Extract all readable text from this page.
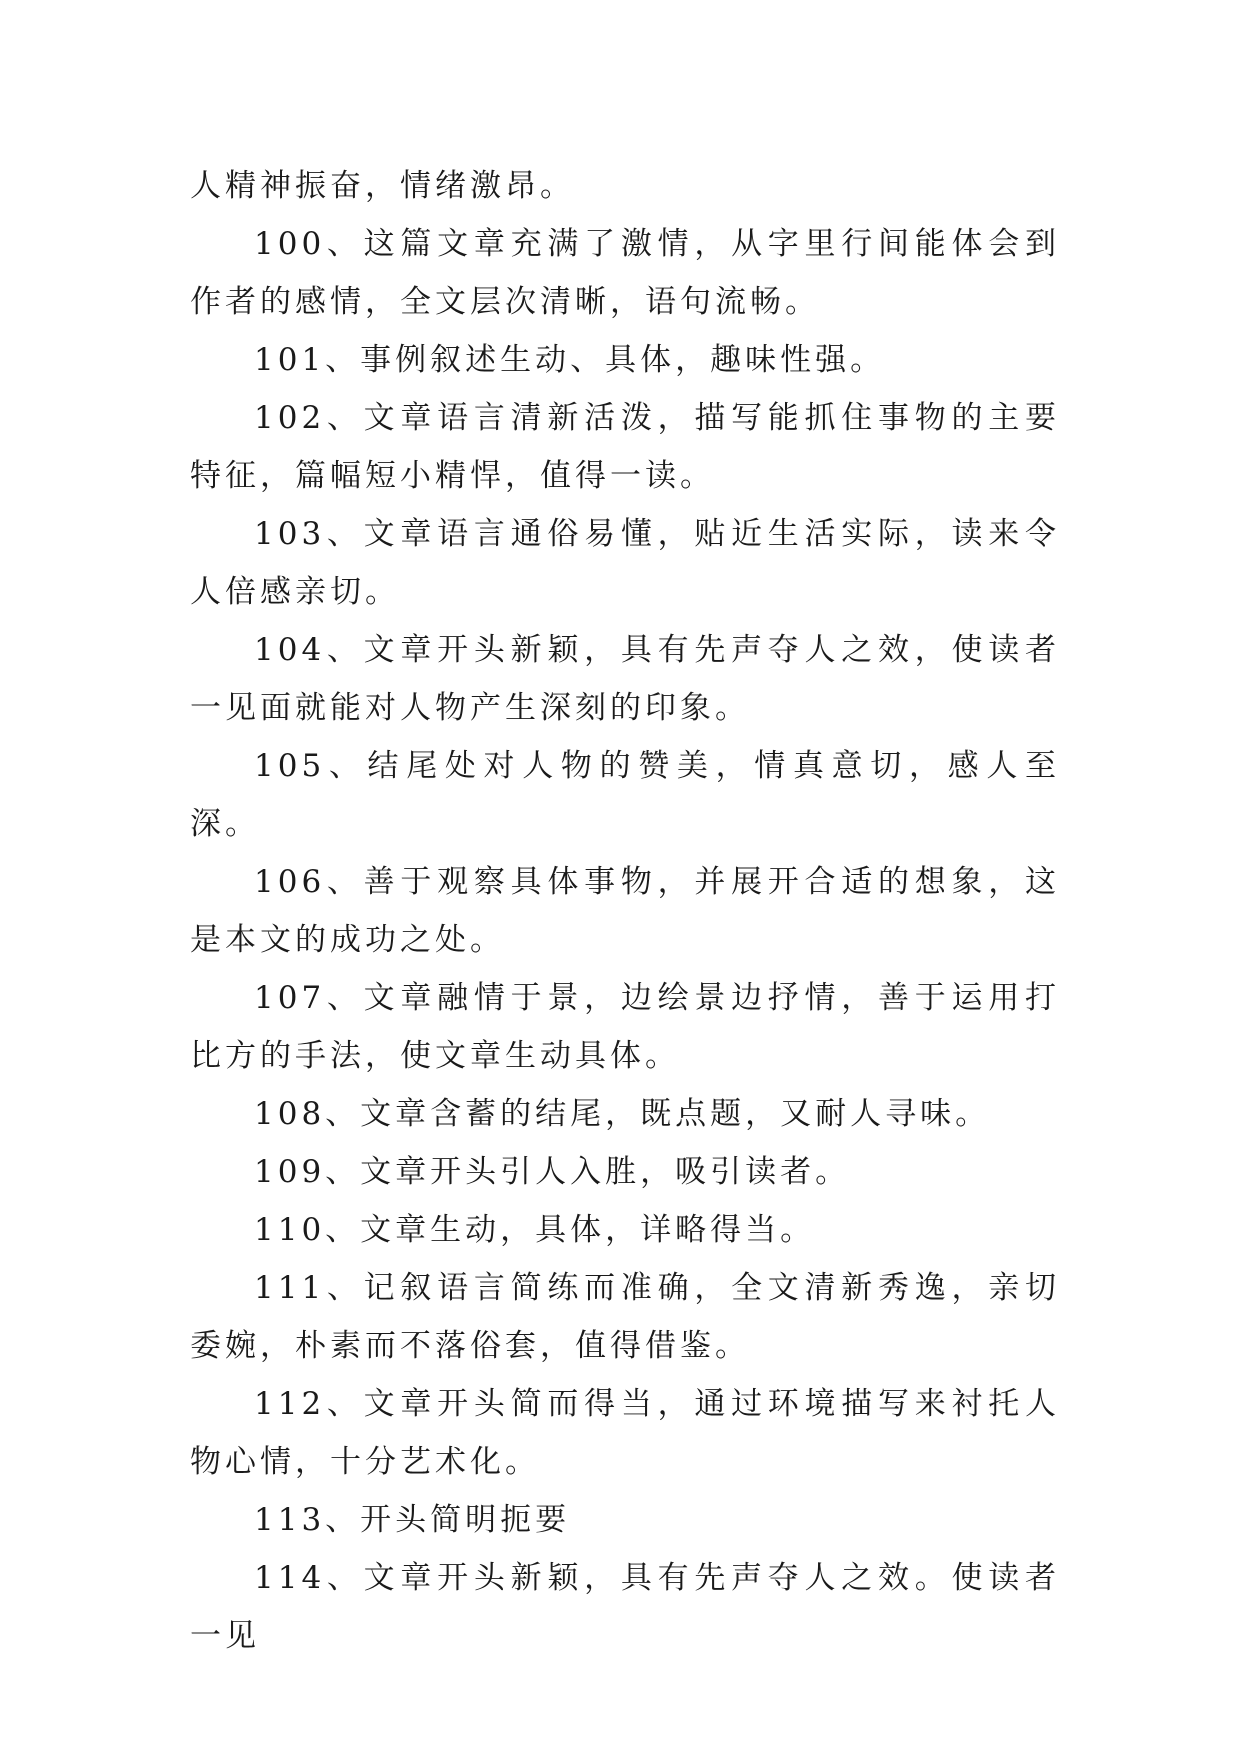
人精神振奋，情绪激昂。

100、这篇文章充满了激情，从字里行间能体会到作者的感情，全文层次清晰，语句流畅。

101、事例叙述生动、具体，趣味性强。

102、文章语言清新活泼，描写能抓住事物的主要特征，篇幅短小精悍，值得一读。

103、文章语言通俗易懂，贴近生活实际，读来令人倍感亲切。

104、文章开头新颖，具有先声夺人之效，使读者一见面就能对人物产生深刻的印象。

105、结尾处对人物的赞美，情真意切，感人至深。

106、善于观察具体事物，并展开合适的想象，这是本文的成功之处。

107、文章融情于景，边绘景边抒情，善于运用打比方的手法，使文章生动具体。

108、文章含蓄的结尾，既点题，又耐人寻味。

109、文章开头引人入胜，吸引读者。

110、文章生动，具体，详略得当。

111、记叙语言简练而准确，全文清新秀逸，亲切委婉，朴素而不落俗套，值得借鉴。

112、文章开头简而得当，通过环境描写来衬托人物心情，十分艺术化。

113、开头简明扼要

114、文章开头新颖，具有先声夺人之效。使读者一见
